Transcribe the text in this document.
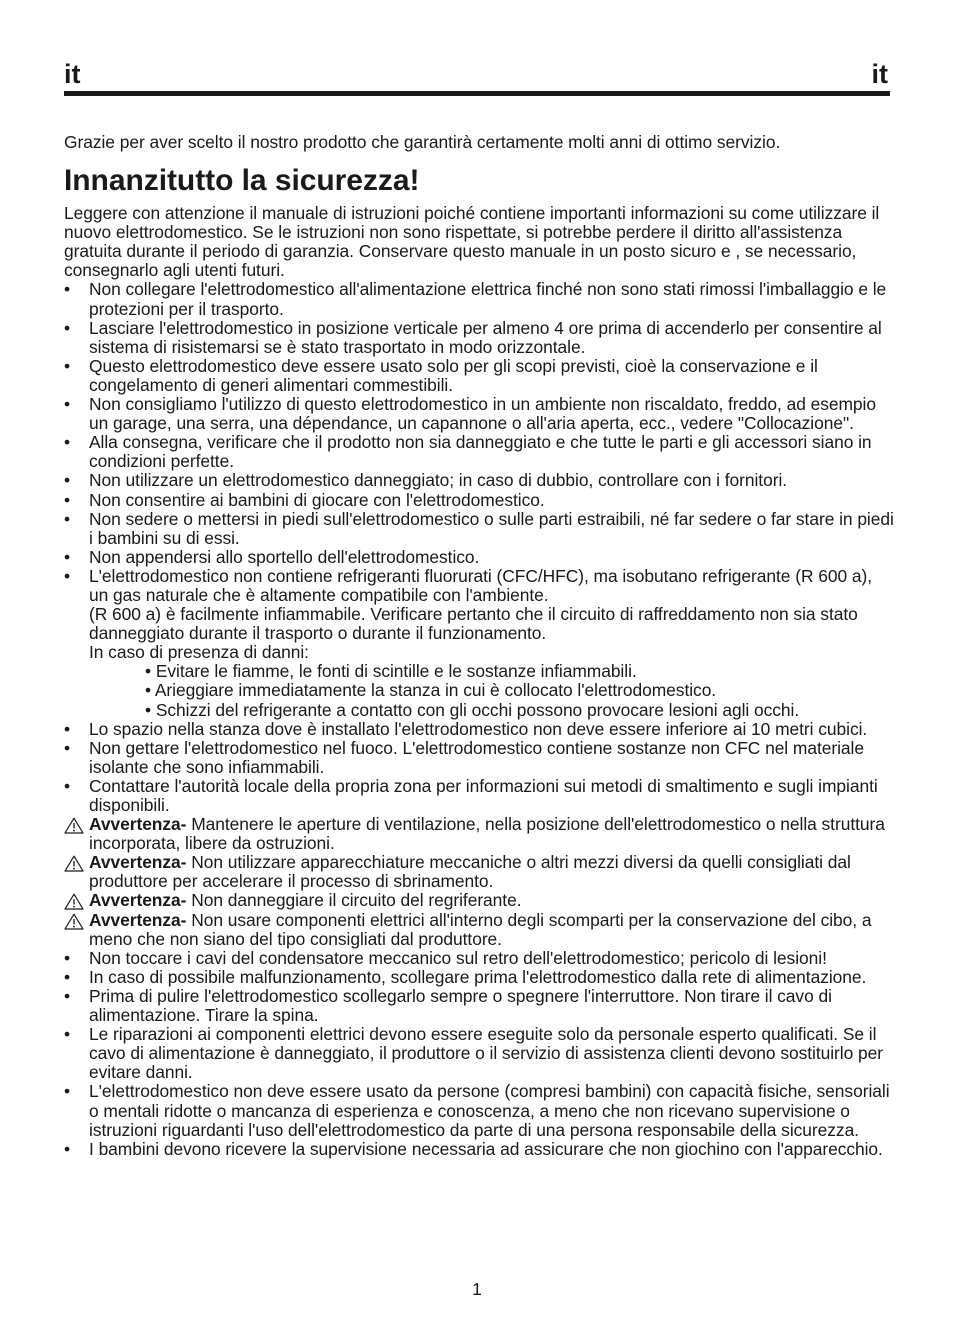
it	it

Grazie per aver scelto il nostro prodotto che garantirà certamente molti anni di ottimo servizio.

Innanzitutto la sicurezza!

Leggere con attenzione il manuale di istruzioni poiché contiene importanti informazioni su come utilizzare il nuovo elettrodomestico. Se le istruzioni non sono rispettate, si potrebbe perdere il diritto all'assistenza gratuita durante il periodo di garanzia. Conservare questo manuale in un posto sicuro e , se necessario, consegnarlo agli utenti futuri.

•	Non collegare l'elettrodomestico all'alimentazione elettrica finché non sono stati rimossi l'imballaggio e le protezioni per il trasporto.
•	Lasciare l'elettrodomestico in posizione verticale per almeno 4 ore prima di accenderlo per consentire al sistema di risistemarsi se è stato trasportato in modo orizzontale.
•	Questo elettrodomestico deve essere usato solo per gli scopi previsti, cioè la conservazione e il congelamento di generi alimentari commestibili.
•	Non consigliamo l'utilizzo di questo elettrodomestico in un ambiente non riscaldato, freddo, ad esempio un garage, una serra, una dépendance, un capannone o all'aria aperta, ecc., vedere "Collocazione".
•	Alla consegna, verificare che il prodotto non sia danneggiato e che tutte le parti e gli accessori siano in condizioni perfette.
•	Non utilizzare un elettrodomestico danneggiato; in caso di dubbio, controllare con i fornitori.
•	Non consentire ai bambini di giocare con l'elettrodomestico.
•	Non sedere o mettersi in piedi sull'elettrodomestico o sulle parti estraibili, né far sedere o far stare in piedi i bambini su di essi.
•	Non appendersi allo sportello dell'elettrodomestico.
•	L'elettrodomestico non contiene refrigeranti fluorurati (CFC/HFC), ma isobutano refrigerante (R 600 a), un gas naturale che è altamente compatibile con l'ambiente.
(R 600 a) è facilmente infiammabile. Verificare pertanto che il circuito di raffreddamento non sia stato danneggiato durante il trasporto o durante il funzionamento.
In caso di presenza di danni:
• Evitare le fiamme, le fonti di scintille e le sostanze infiammabili.
• Arieggiare immediatamente la stanza in cui è collocato l'elettrodomestico.
• Schizzi del refrigerante a contatto con gli occhi possono provocare lesioni agli occhi.
•	Lo spazio nella stanza dove è installato l'elettrodomestico non deve essere inferiore ai 10 metri cubici.
•	Non gettare l'elettrodomestico nel fuoco. L'elettrodomestico contiene sostanze non CFC nel materiale isolante che sono infiammabili.
•	Contattare l'autorità locale della propria zona per informazioni sui metodi di smaltimento e sugli impianti disponibili.
Avvertenza- Mantenere le aperture di ventilazione, nella posizione dell'elettrodomestico o nella struttura incorporata, libere da ostruzioni.
Avvertenza- Non utilizzare apparecchiature meccaniche o altri mezzi diversi da quelli consigliati dal produttore per accelerare il processo di sbrinamento.
Avvertenza- Non danneggiare il circuito del regriferante.
Avvertenza- Non usare componenti elettrici all'interno degli scomparti per la conservazione del cibo, a meno che non siano del tipo consigliati dal produttore.
•	Non toccare i cavi del condensatore meccanico sul retro dell'elettrodomestico; pericolo di lesioni!
•	In caso di possibile malfunzionamento, scollegare prima l'elettrodomestico dalla rete di alimentazione.
•	Prima di pulire l'elettrodomestico scollegarlo sempre o spegnere l'interruttore. Non tirare il cavo di alimentazione. Tirare la spina.
•	Le riparazioni ai componenti elettrici devono essere eseguite solo da personale esperto qualificati. Se il cavo di alimentazione è danneggiato, il produttore o il servizio di assistenza clienti devono sostituirlo per evitare danni.
•	L'elettrodomestico non deve essere usato da persone (compresi bambini) con capacità fisiche, sensoriali o mentali ridotte o mancanza di esperienza e conoscenza, a meno che non ricevano supervisione o istruzioni riguardanti l'uso dell'elettrodomestico da parte di una persona responsabile della sicurezza.
•	I bambini devono ricevere la supervisione necessaria ad assicurare che non giochino con l'apparecchio.
1
